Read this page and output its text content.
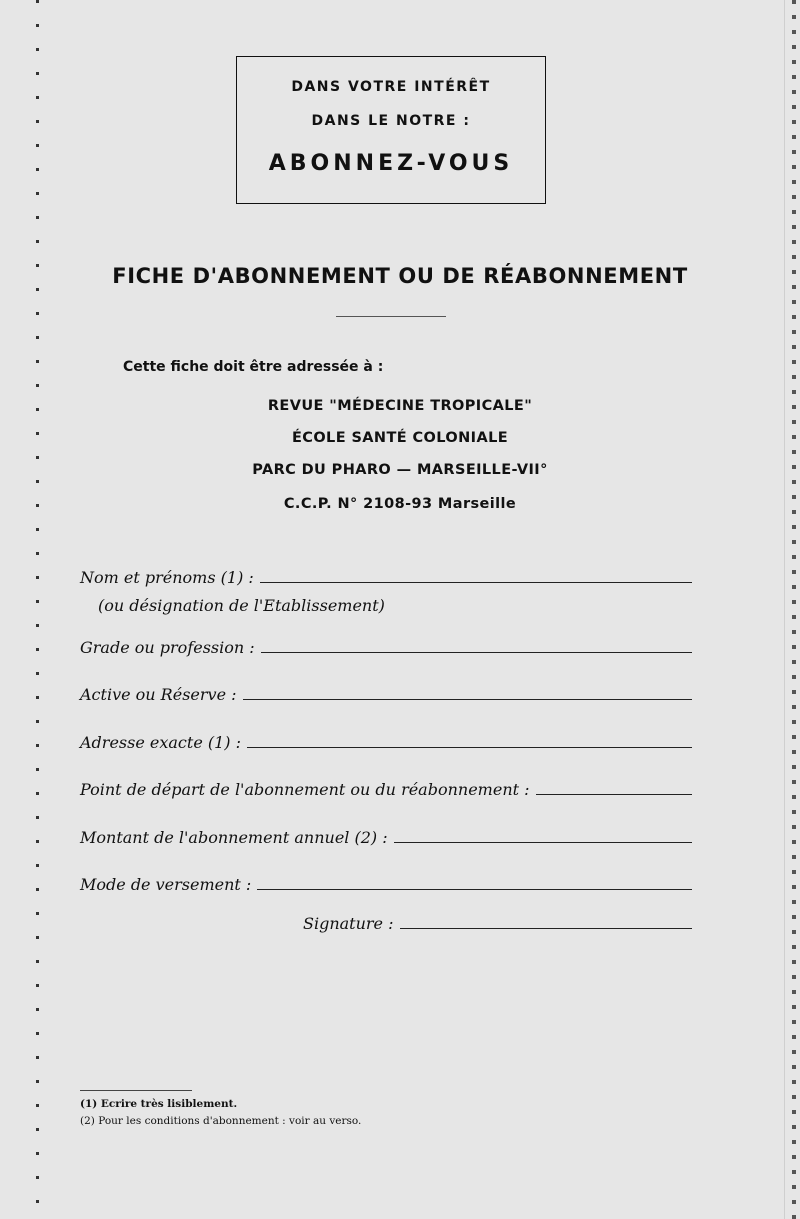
DANS VOTRE INTÉRÊT
DANS LE NOTRE :
ABONNEZ-VOUS
FICHE D'ABONNEMENT OU DE RÉABONNEMENT
Cette fiche doit être adressée à :
REVUE "MÉDECINE TROPICALE"
ÉCOLE SANTÉ COLONIALE
PARC DU PHARO — MARSEILLE-VII°
C.C.P. N° 2108-93 Marseille
Nom et prénoms (1) :
(ou désignation de l'Etablissement)
Grade ou profession :
Active ou Réserve :
Adresse exacte (1) :
Point de départ de l'abonnement ou du réabonnement :
Montant de l'abonnement annuel (2) :
Mode de versement :
Signature :
(1) Ecrire très lisiblement.
(2) Pour les conditions d'abonnement : voir au verso.
